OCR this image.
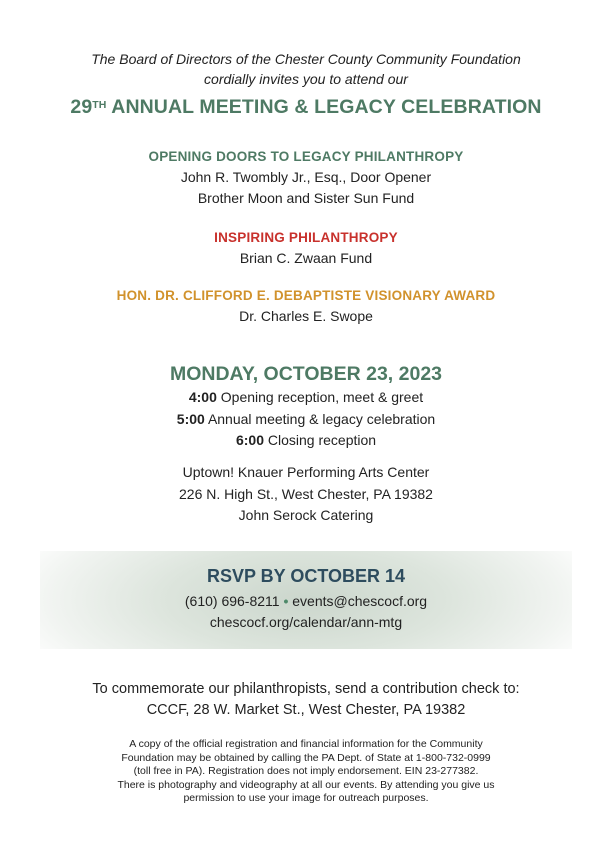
The Board of Directors of the Chester County Community Foundation
cordially invites you to attend our
29TH ANNUAL MEETING & LEGACY CELEBRATION
OPENING DOORS TO LEGACY PHILANTHROPY
John R. Twombly Jr., Esq., Door Opener
Brother Moon and Sister Sun Fund
INSPIRING PHILANTHROPY
Brian C. Zwaan Fund
HON. DR. CLIFFORD E. DEBAPTISTE VISIONARY AWARD
Dr. Charles E. Swope
MONDAY, OCTOBER 23, 2023
4:00 Opening reception, meet & greet
5:00 Annual meeting & legacy celebration
6:00 Closing reception
Uptown! Knauer Performing Arts Center
226 N. High St., West Chester, PA 19382
John Serock Catering
RSVP BY OCTOBER 14
(610) 696-8211 • events@chescocf.org
chescocf.org/calendar/ann-mtg
To commemorate our philanthropists, send a contribution check to:
CCCF, 28 W. Market St., West Chester, PA 19382
A copy of the official registration and financial information for the Community
Foundation may be obtained by calling the PA Dept. of State at 1-800-732-0999
(toll free in PA). Registration does not imply endorsement. EIN 23-277382.
There is photography and videography at all our events. By attending you give us
permission to use your image for outreach purposes.
